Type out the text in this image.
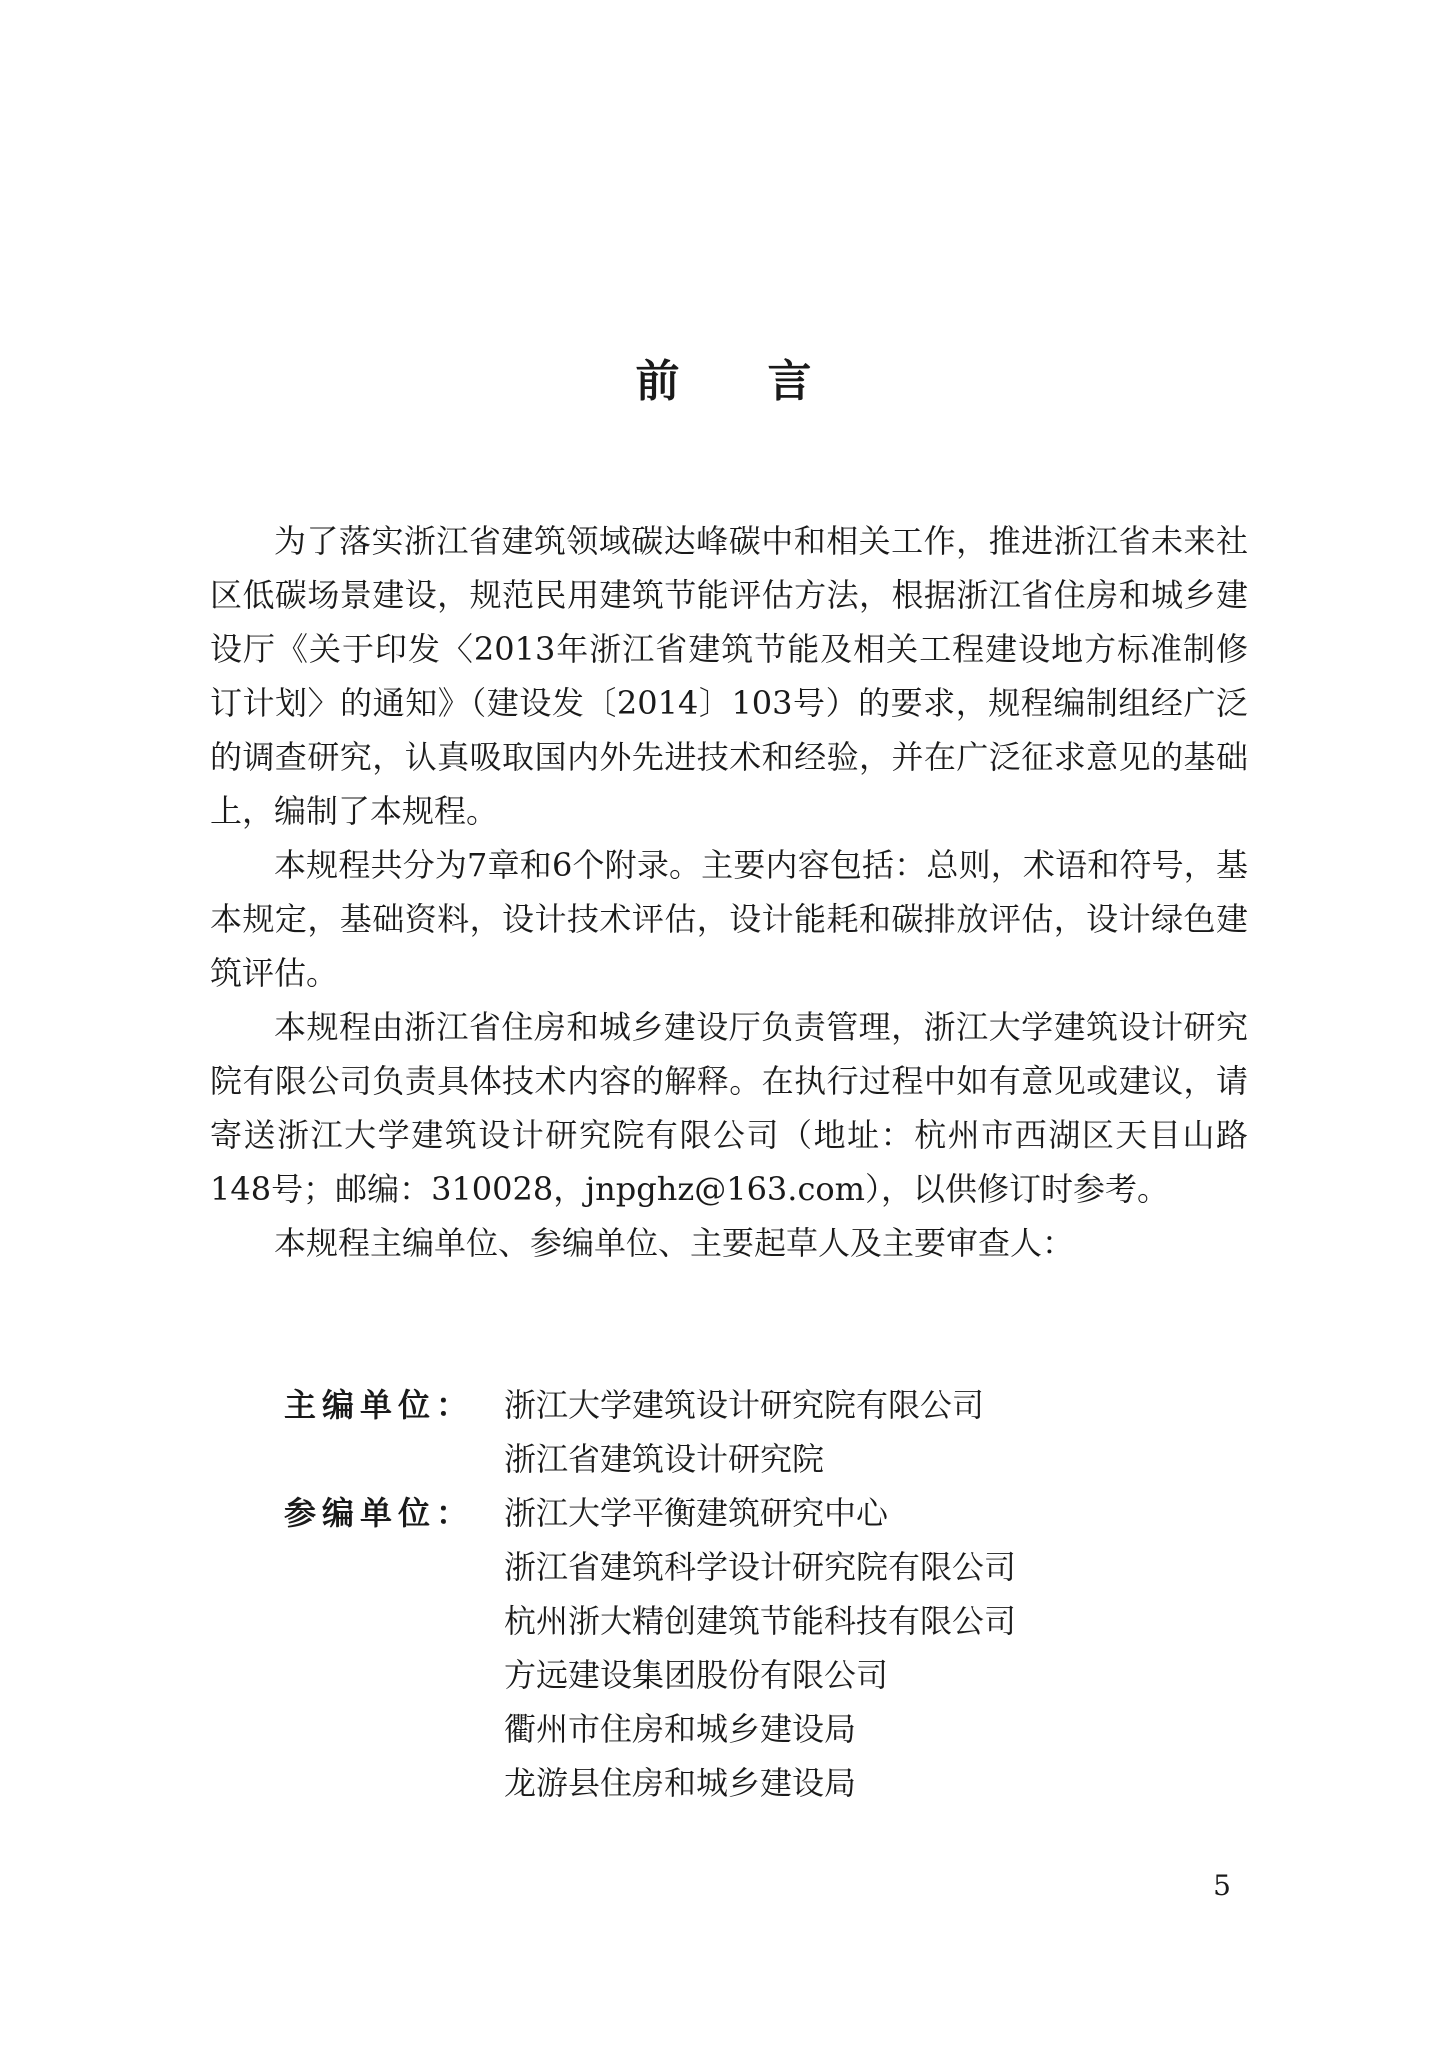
前言

为了落实浙江省建筑领域碳达峰碳中和相关工作，推进浙江省未来社区低碳场景建设，规范民用建筑节能评估方法，根据浙江省住房和城乡建设厅《关于印发〈2013年浙江省建筑节能及相关工程建设地方标准制修订计划〉的通知》（建设发〔2014〕103号）的要求，规程编制组经广泛的调查研究，认真吸取国内外先进技术和经验，并在广泛征求意见的基础上，编制了本规程。

本规程共分为7章和6个附录。主要内容包括：总则，术语和符号，基本规定，基础资料，设计技术评估，设计能耗和碳排放评估，设计绿色建筑评估。

本规程由浙江省住房和城乡建设厅负责管理，浙江大学建筑设计研究院有限公司负责具体技术内容的解释。在执行过程中如有意见或建议，请寄送浙江大学建筑设计研究院有限公司（地址：杭州市西湖区天目山路148号；邮编：310028，jnpghz@163.com），以供修订时参考。

本规程主编单位、参编单位、主要起草人及主要审查人：

主编单位： 浙江大学建筑设计研究院有限公司
浙江省建筑设计研究院
参编单位： 浙江大学平衡建筑研究中心
浙江省建筑科学设计研究院有限公司
杭州浙大精创建筑节能科技有限公司
方远建设集团股份有限公司
衢州市住房和城乡建设局
龙游县住房和城乡建设局
5
